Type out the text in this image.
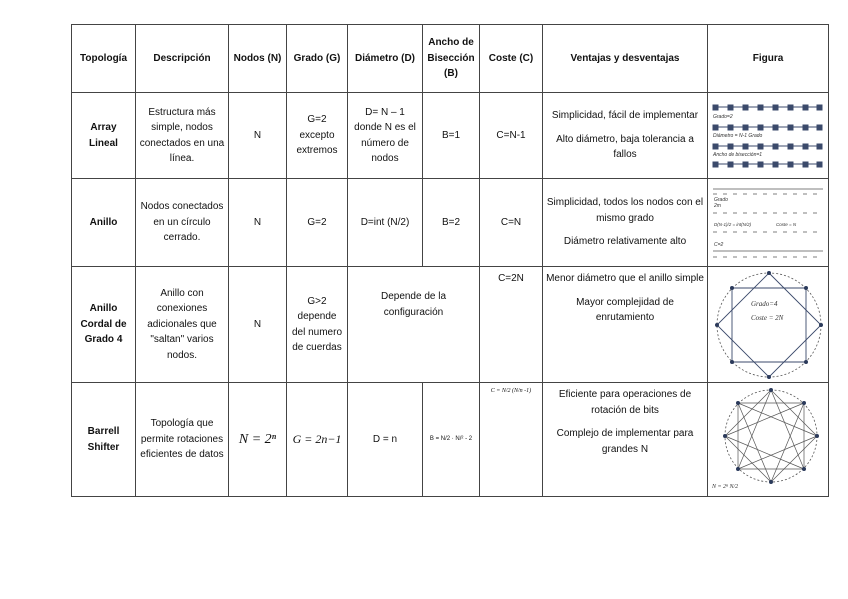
Topología	Descripción	Nodos (N)	Grado (G)	Diámetro (D)	Ancho de Bisección (B)	Coste (C)	Ventajas y desventajas	Figura
Array Lineal	Estructura más simple, nodos conectados en una línea.	N	G=2 excepto extremos	D= N – 1 donde N es el número de nodos	B=1	C=N-1	Simplicidad, fácil de implementar
Alto diámetro, baja tolerancia a fallos	Grado=2
Diámetro = N-1 Grado
Ancho de bisección=1

Anillo	Nodos conectados en un círculo cerrado.	N	G=2	D=int (N/2)	B=2	C=N	Simplicidad, todos los nodos con el mismo grado
Diámetro relativamente alto	Grado
2m
D(N-1)/2 = int(N/2) Coste = N
C=2

Anillo Cordal de Grado 4	Anillo con conexiones adicionales que "saltan" varios nodos.	N	G>2 depende del numero de cuerdas	Depende de la configuración		C=2N	Menor diámetro que el anillo simple
Mayor complejidad de enrutamiento	Grado=4
Coste = 2N

Barrell Shifter	Topología que permite rotaciones eficientes de datos	N = 2ⁿ	G = 2n−1	D = n	B = N/2 · N/² - 2	C = N/2 (N/n -1)	Eficiente para operaciones de rotación de bits
Complejo de implementar para grandes N	N = 2ⁿ N/2
